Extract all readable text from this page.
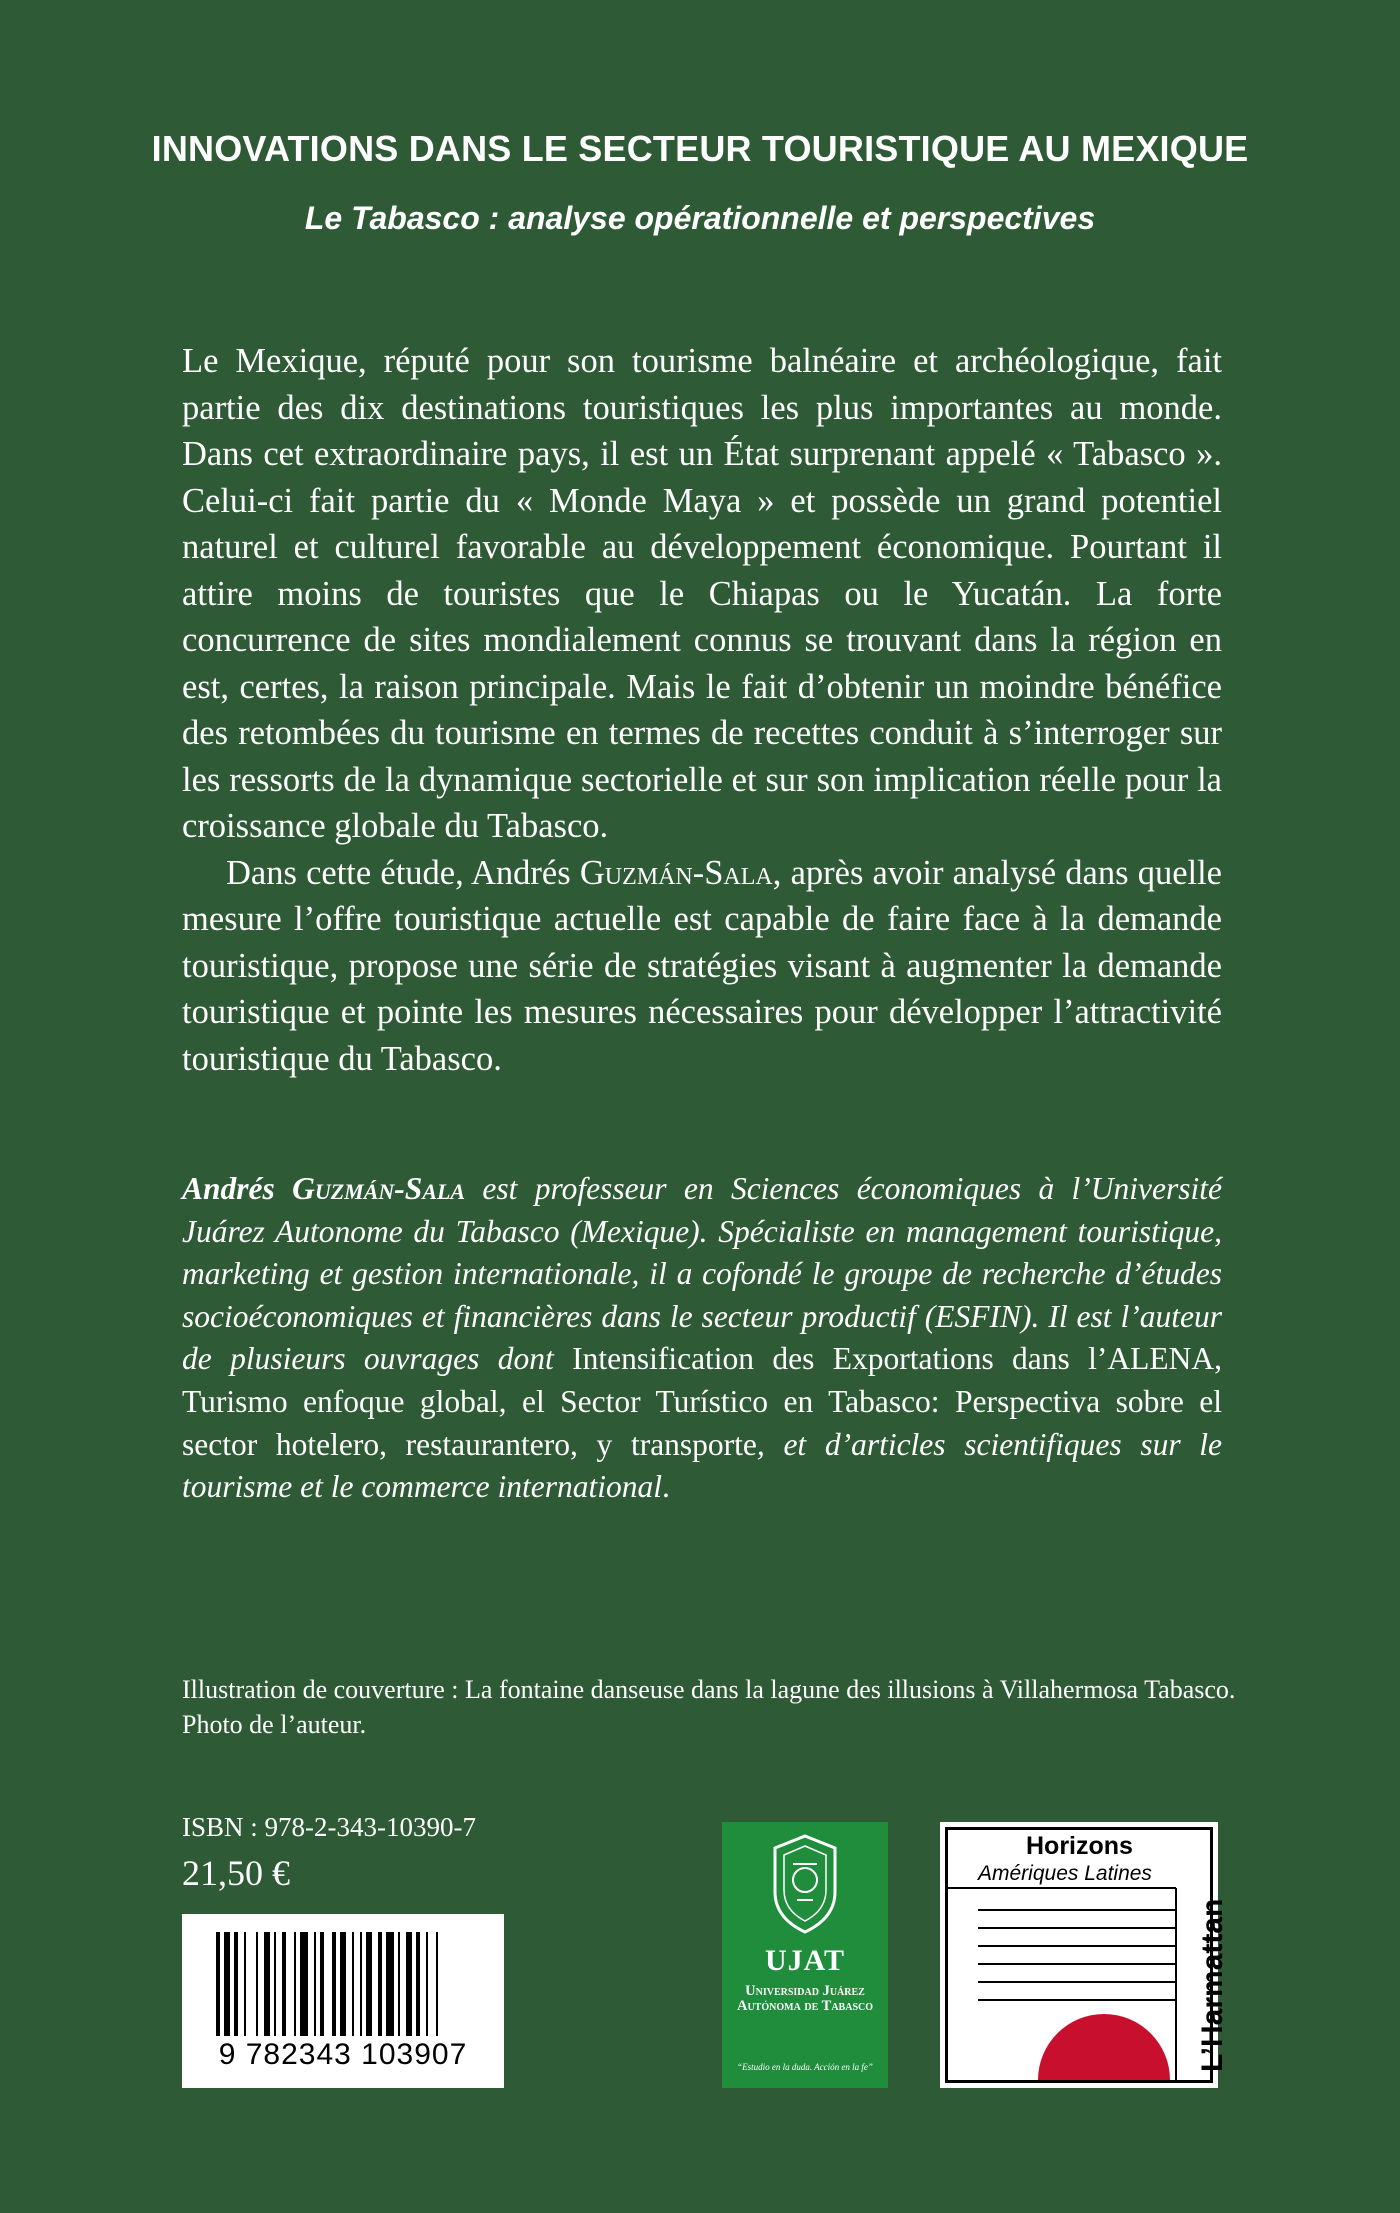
INNOVATIONS DANS LE SECTEUR TOURISTIQUE AU MEXIQUE
Le Tabasco : analyse opérationnelle et perspectives

Le Mexique, réputé pour son tourisme balnéaire et archéologique, fait partie des dix destinations touristiques les plus importantes au monde. Dans cet extraordinaire pays, il est un État surprenant appelé « Tabasco ». Celui-ci fait partie du « Monde Maya » et possède un grand potentiel naturel et culturel favorable au développement économique. Pourtant il attire moins de touristes que le Chiapas ou le Yucatán. La forte concurrence de sites mondialement connus se trouvant dans la région en est, certes, la raison principale. Mais le fait d’obtenir un moindre bénéfice des retombées du tourisme en termes de recettes conduit à s’interroger sur les ressorts de la dynamique sectorielle et sur son implication réelle pour la croissance globale du Tabasco.

Dans cette étude, Andrés Guzmán-Sala, après avoir analysé dans quelle mesure l’offre touristique actuelle est capable de faire face à la demande touristique, propose une série de stratégies visant à augmenter la demande touristique et pointe les mesures nécessaires pour développer l’attractivité touristique du Tabasco.

Andrés Guzmán-Sala est professeur en Sciences économiques à l’Université Juárez Autonome du Tabasco (Mexique). Spécialiste en management touristique, marketing et gestion internationale, il a cofondé le groupe de recherche d’études socioéconomiques et financières dans le secteur productif (ESFIN). Il est l’auteur de plusieurs ouvrages dont Intensification des Exportations dans l’ALENA, Turismo enfoque global, el Sector Turístico en Tabasco: Perspectiva sobre el sector hotelero, restaurantero, y transporte, et d’articles scientifiques sur le tourisme et le commerce international.

Illustration de couverture : La fontaine danseuse dans la lagune des illusions à Villahermosa Tabasco. Photo de l’auteur.
ISBN : 978-2-343-10390-7
21,50 €
9 782343 103907
UJAT
Universidad Juárez Autónoma de Tabasco
“Estudio en la duda. Acción en la fe”
Horizons
Amériques Latines
L’Harmattan
